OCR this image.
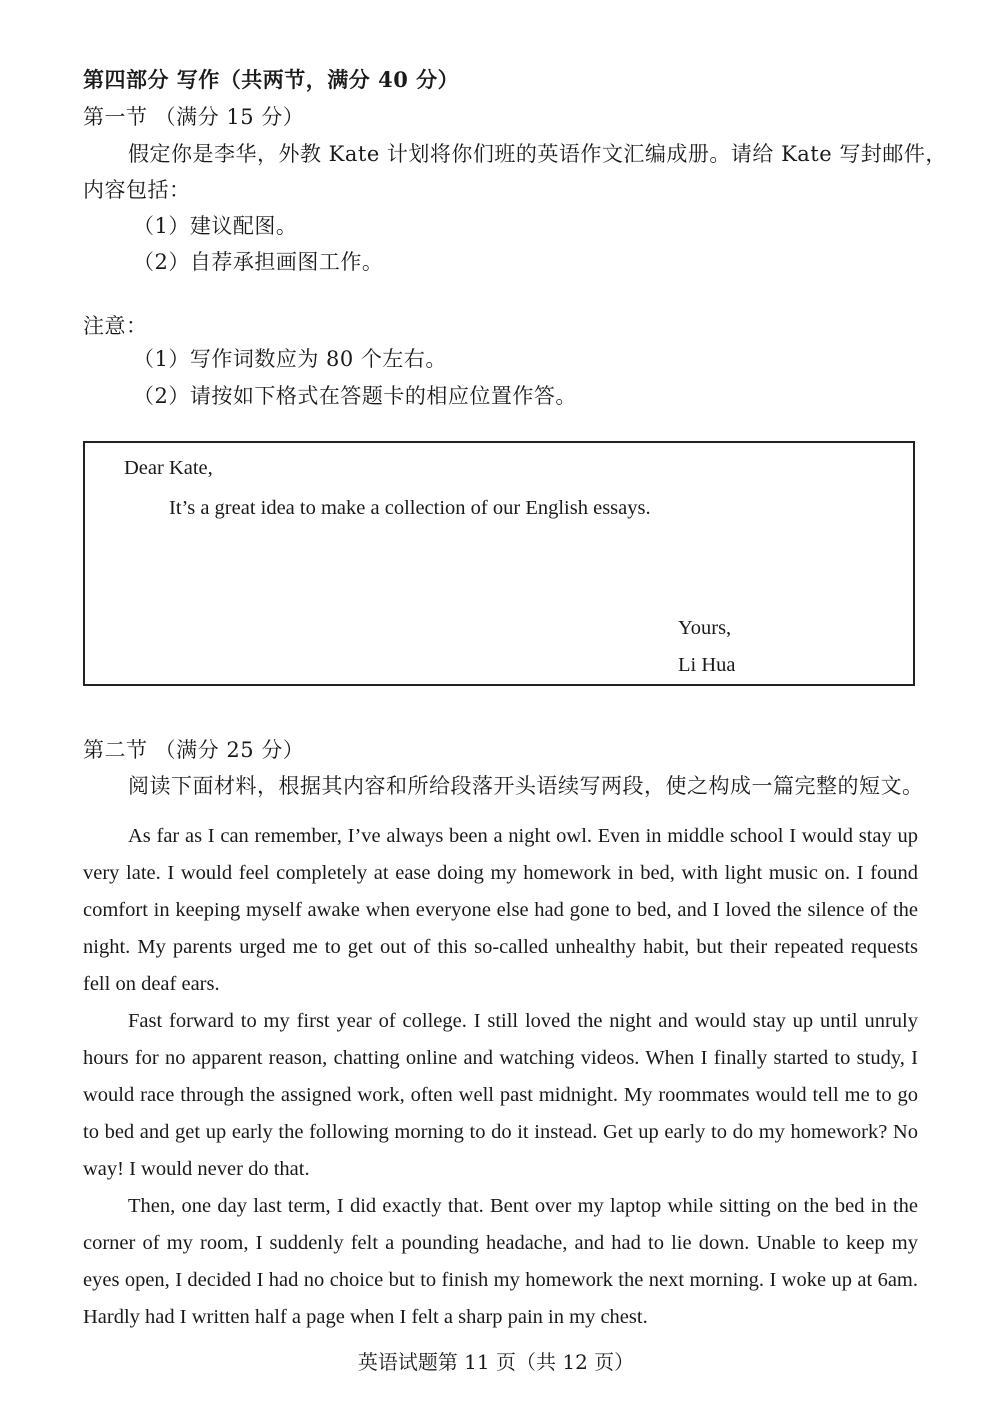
第四部分 写作（共两节，满分 40 分）
第一节 （满分 15 分）
假定你是李华，外教 Kate 计划将你们班的英语作文汇编成册。请给 Kate 写封邮件，
内容包括：
（1）建议配图。
（2）自荐承担画图工作。
注意：
（1）写作词数应为 80 个左右。
（2）请按如下格式在答题卡的相应位置作答。
Dear Kate,
It’s a great idea to make a collection of our English essays.
Yours,
Li Hua
第二节 （满分 25 分）
阅读下面材料，根据其内容和所给段落开头语续写两段，使之构成一篇完整的短文。

As far as I can remember, I’ve always been a night owl. Even in middle school I would stay up very late. I would feel completely at ease doing my homework in bed, with light music on. I found comfort in keeping myself awake when everyone else had gone to bed, and I loved the silence of the night. My parents urged me to get out of this so-called unhealthy habit, but their repeated requests fell on deaf ears.

Fast forward to my first year of college. I still loved the night and would stay up until unruly hours for no apparent reason, chatting online and watching videos. When I finally started to study, I would race through the assigned work, often well past midnight. My roommates would tell me to go to bed and get up early the following morning to do it instead. Get up early to do my homework? No way! I would never do that.

Then, one day last term, I did exactly that. Bent over my laptop while sitting on the bed in the corner of my room, I suddenly felt a pounding headache, and had to lie down. Unable to keep my eyes open, I decided I had no choice but to finish my homework the next morning. I woke up at 6am. Hardly had I written half a page when I felt a sharp pain in my chest.

英语试题第 11 页（共 12 页）
